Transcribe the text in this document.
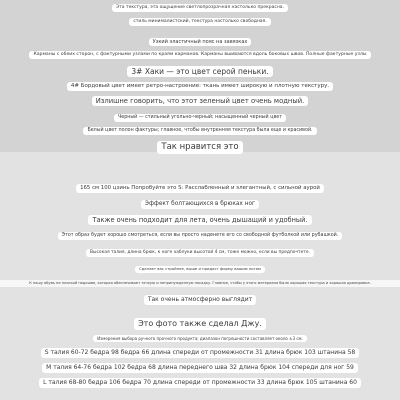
Эта текстура, эта ощущение светлопрозрачная настолько прекрасна.
стиль минималистский, текстура настолько свободная.
Узкий эластичный пояс на завязках
Карманы с обеих сторон, с фактурными узлами по краям карманов. Карманы вшиваются вдоль боковых швов. Полные фактурные узлы
3# Хаки — это цвет серой пеньки.
4# Бордовый цвет имеет ретро-настроение: ткань имеет широкую и плотную текстуру.
Излишне говорить, что этот зеленый цвет очень модный.
Черный — стильный угольно-черный; насыщенный черный цвет
Белый цвет полон фактуры; главное, чтобы внутренняя текстура была еще и красивой.
Так нравится это
165 см 100 цзинь Попробуйте это S: Расслабленный и элегантный, с сильной аурой
Эффект болтающихся в брюках ног
Также очень подходит для лета, очень дышащий и удобный.
Этот образ будет хорошо смотреться, если вы просто наденете его со свободной футболкой или рубашкой.
Высокая талия, длина брюк, к ноге хаблуки высотой 4 см, тоже можно, если вы предпочтете.
Сделает вас стройнее, выше и придаст форму вашим ногам
К нашу обувь на плоской подошве, которая обеспечивает течкую и непринужденную посадку. Главное, чтобы у этого материала была хорошая текстура и хорошая драпировка.
Так очень атмосферно выглядит
Это фото также сделал Джу.
Измерения выбора ручного прочного продукта; диапазон погрешности составляет около ±3 см.
S талия 60-72 бедра 98 бедра 66 длина спереди от промежности 31 длина брюк 103 штанина 58
M талия 64-76 бедра 102 бедра 68 длина переднего шва 32 длина брюк 104 спереди для ног 59
L талия 68-80 бедра 106 бедра 70 длина спереди от промежности 33 длина брюк 105 штанина 60
